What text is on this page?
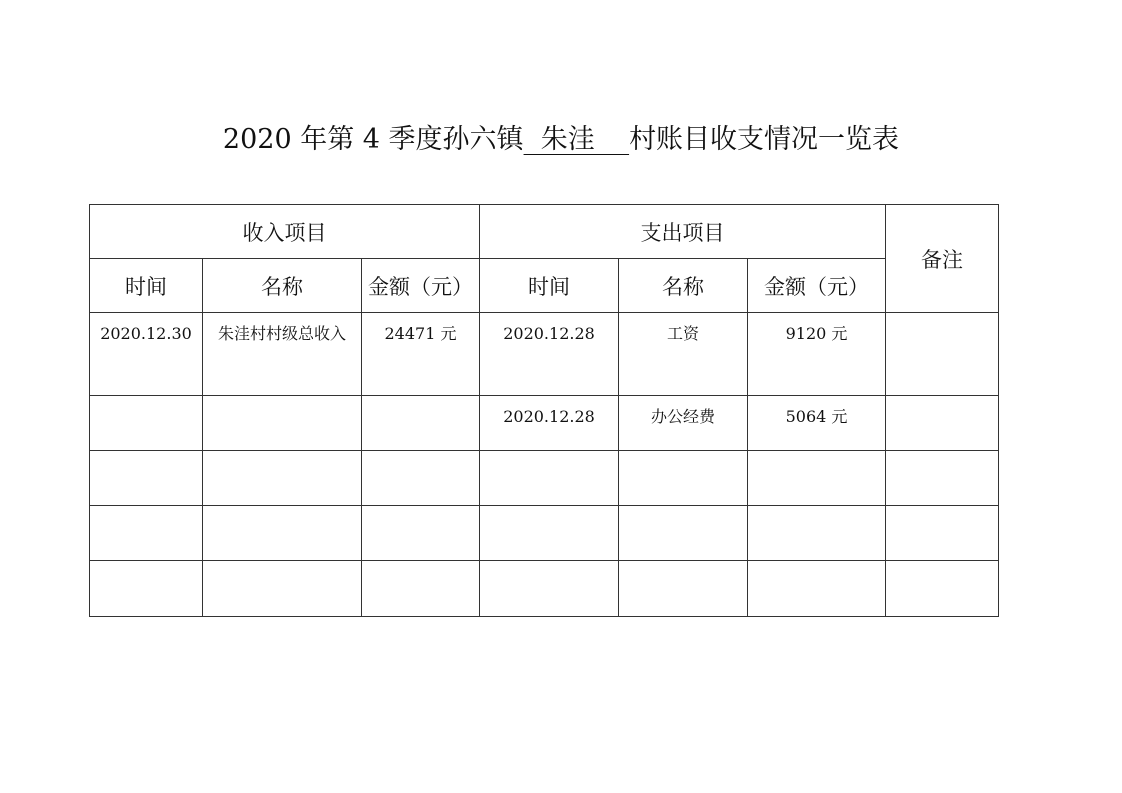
2020 年第 4 季度孙六镇  朱洼    村账目收支情况一览表
收入项目			支出项目			备注
时间	名称	金额（元）	时间	名称	金额（元）	
2020.12.30	朱洼村村级总收入	24471 元	2020.12.28	工资	9120 元	
			2020.12.28	办公经费	5064 元	
